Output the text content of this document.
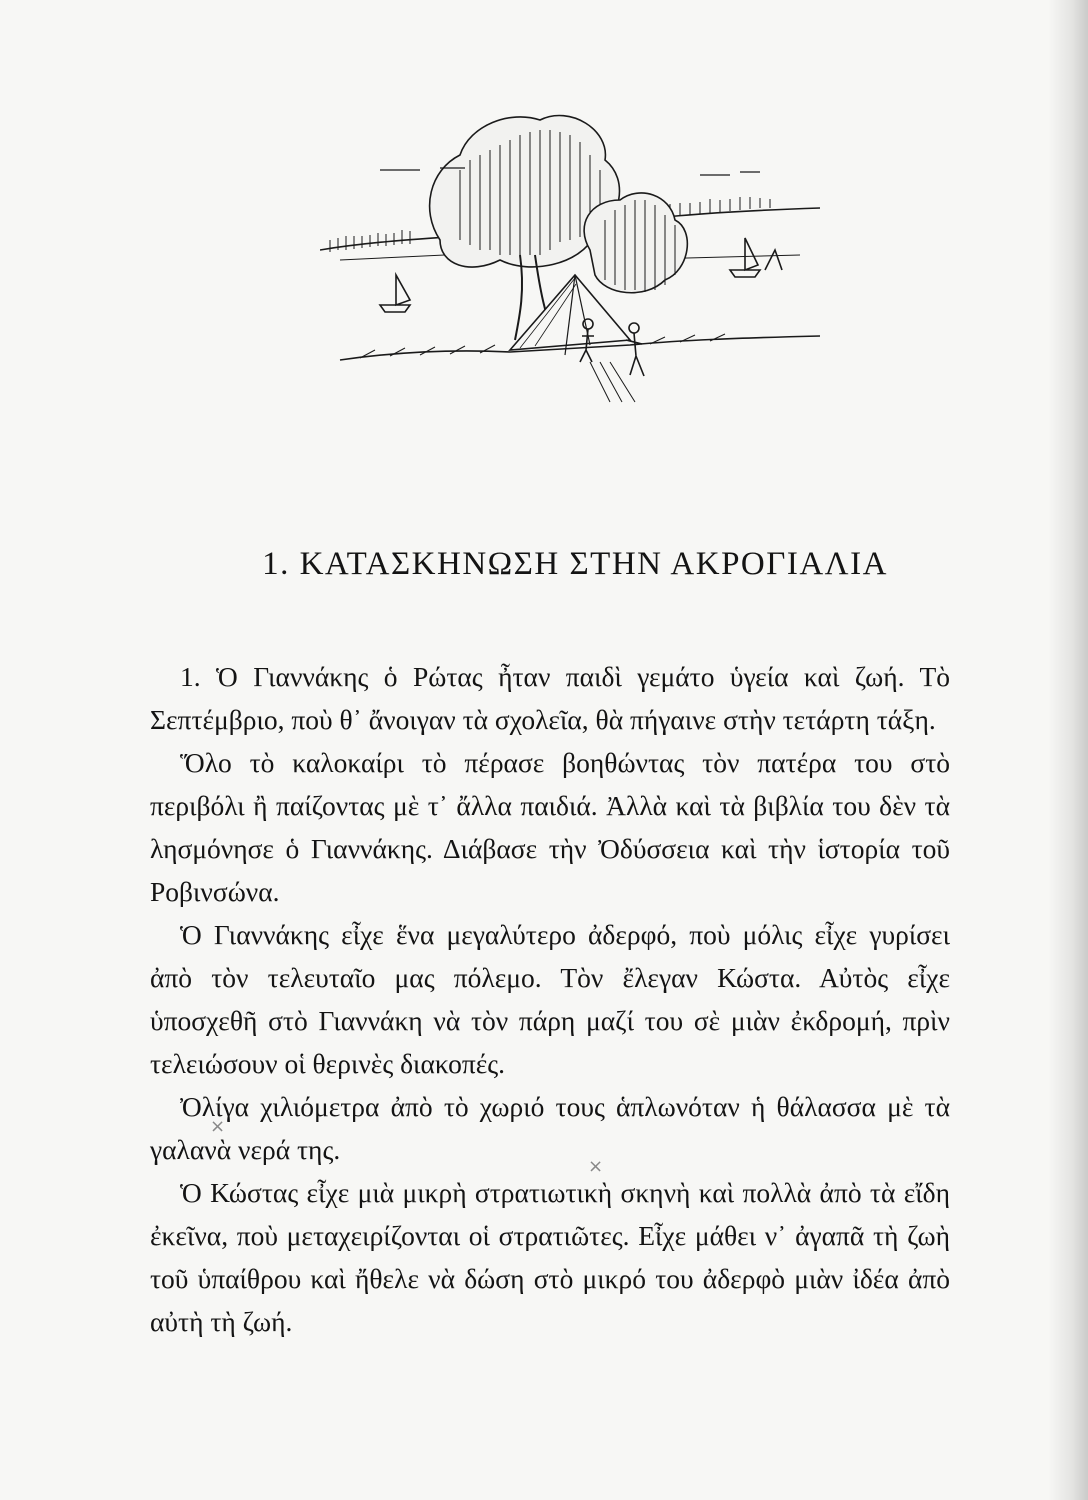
1. ΚΑΤΑΣΚΗΝΩΣΗ ΣΤΗΝ ΑΚΡΟΓΙΑΛΙΑ

1. Ὁ Γιαννάκης ὁ Ρώτας ἦταν παιδὶ γεμάτο ὑγεία καὶ ζωή. Τὸ Σεπτέμβριο, ποὺ θ᾽ ἄνοιγαν τὰ σχολεῖα, θὰ πήγαινε στὴν τετάρτη τάξη.

Ὅλο τὸ καλοκαίρι τὸ πέρασε βοηθώντας τὸν πατέρα του στὸ περιβόλι ἢ παίζοντας μὲ τ᾽ ἄλλα παιδιά. Ἀλλὰ καὶ τὰ βιβλία του δὲν τὰ λησμόνησε ὁ Γιαννάκης. Διάβασε τὴν Ὀδύσσεια καὶ τὴν ἱστορία τοῦ Ροβινσώνα.

Ὁ Γιαννάκης εἶχε ἕνα μεγαλύτερο ἀδερφό, ποὺ μόλις εἶχε γυρίσει ἀπὸ τὸν τελευταῖο μας πόλεμο. Τὸν ἔλεγαν Κώστα. Αὐτὸς εἶχε ὑποσχεθῆ στὸ Γιαννάκη νὰ τὸν πάρη μαζί του σὲ μιὰν ἐκδρομή, πρὶν τελειώσουν οἱ θερινὲς διακοπές.

Ὀλίγα χιλιόμετρα ἀπὸ τὸ χωριό τους ἁπλωνόταν ἡ θάλασσα μὲ τὰ γαλανὰ νερά της.

Ὁ Κώστας εἶχε μιὰ μικρὴ στρατιωτικὴ σκηνὴ καὶ πολλὰ ἀπὸ τὰ εἴδη ἐκεῖνα, ποὺ μεταχειρίζονται οἱ στρατιῶτες. Εἶχε μάθει ν᾽ ἀγαπᾶ τὴ ζωὴ τοῦ ὑπαίθρου καὶ ἤθελε νὰ δώση στὸ μικρό του ἀδερφὸ μιὰν ἰδέα ἀπὸ αὐτὴ τὴ ζωή.

×
×
